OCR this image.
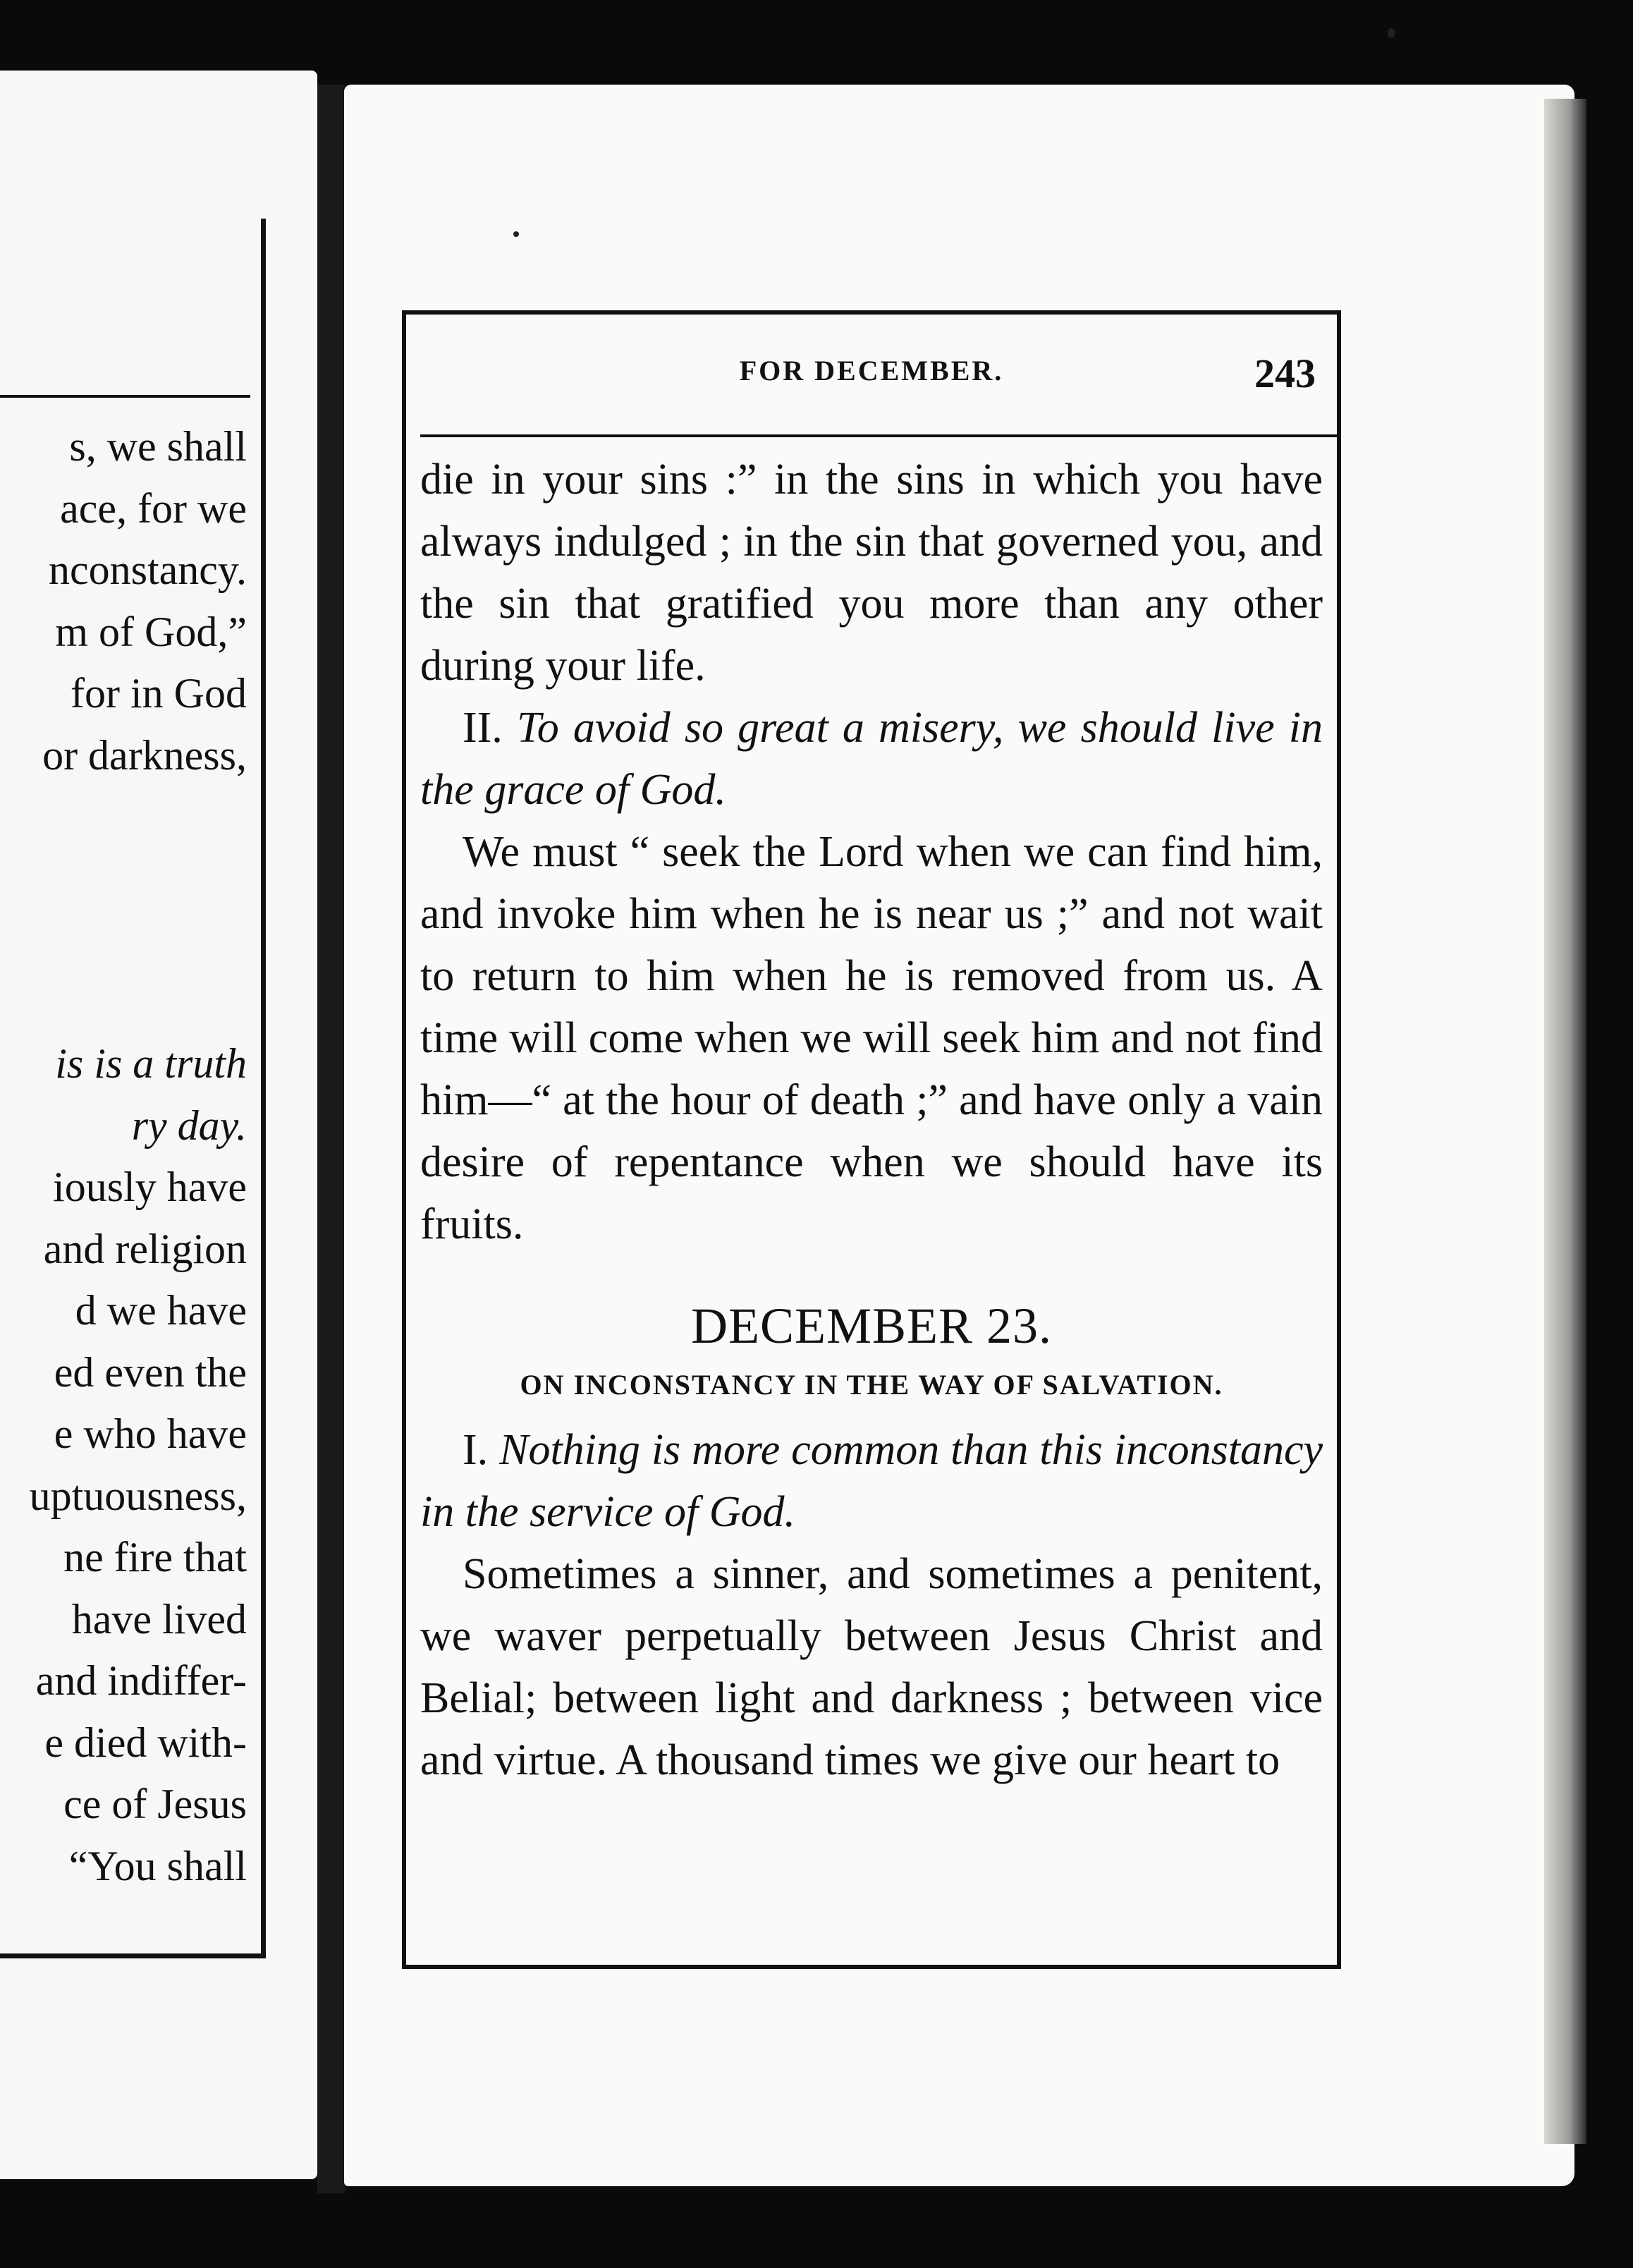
s, we shall
ace, for we
nconstancy.
m of God,”
for in God
or darkness,

is is a truth
ry day.
iously have
and religion
d we have
ed even the
e who have
uptuousness,
ne fire that
have lived
and indiffer-
e died with-
ce of Jesus
“You shall
FOR DECEMBER.	243

die in your sins :” in the sins in which you have always indulged ; in the sin that governed you, and the sin that gratified you more than any other during your life.

II. To avoid so great a misery, we should live in the grace of God.

We must “ seek the Lord when we can find him, and invoke him when he is near us ;” and not wait to return to him when he is removed from us. A time will come when we will seek him and not find him—“ at the hour of death ;” and have only a vain desire of repentance when we should have its fruits.

DECEMBER 23.
ON INCONSTANCY IN THE WAY OF SALVATION.

I. Nothing is more common than this inconstancy in the service of God.

Sometimes a sinner, and sometimes a penitent, we waver perpetually between Jesus Christ and Belial; between light and darkness ; between vice and virtue. A thousand times we give our heart to
